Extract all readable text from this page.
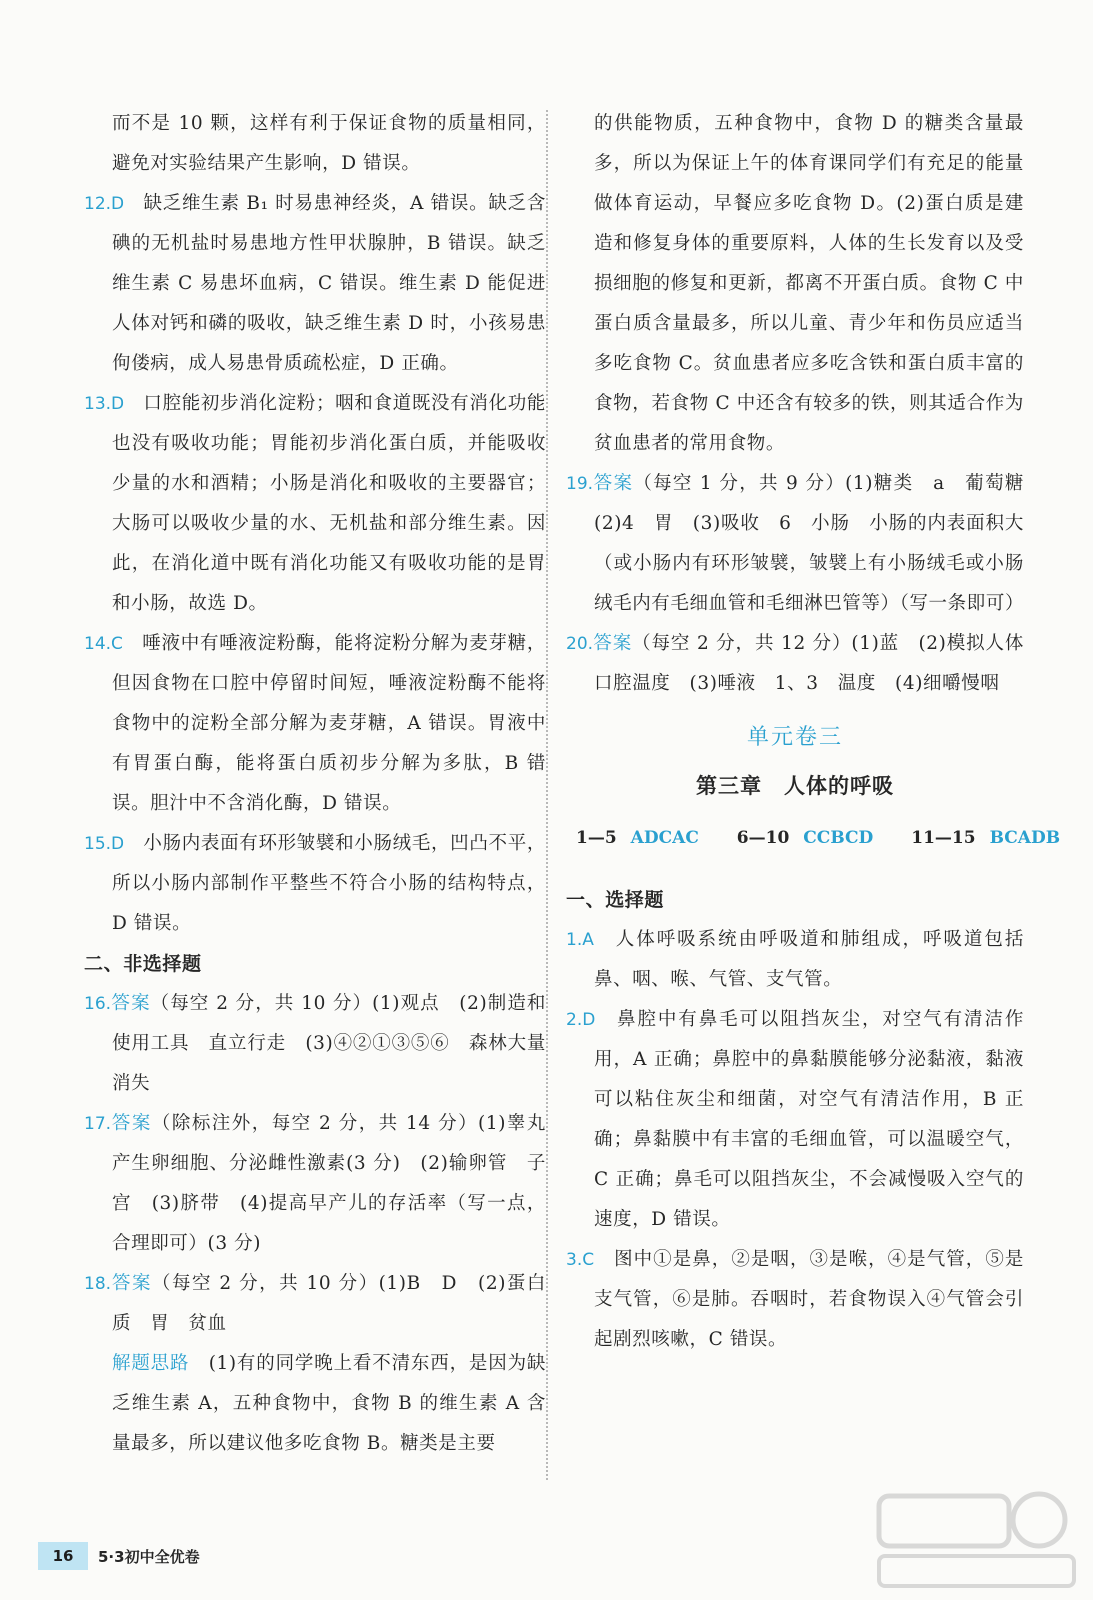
而不是 10 颗，这样有利于保证食物的质量相同，避免对实验结果产生影响，D 错误。

12.D　 缺乏维生素 B₁ 时易患神经炎，A 错误。缺乏含碘的无机盐时易患地方性甲状腺肿，B 错误。缺乏维生素 C 易患坏血病，C 错误。维生素 D 能促进人体对钙和磷的吸收，缺乏维生素 D 时，小孩易患佝偻病，成人易患骨质疏松症，D 正确。

13.D　 口腔能初步消化淀粉；咽和食道既没有消化功能也没有吸收功能；胃能初步消化蛋白质，并能吸收少量的水和酒精；小肠是消化和吸收的主要器官；大肠可以吸收少量的水、无机盐和部分维生素。因此，在消化道中既有消化功能又有吸收功能的是胃和小肠，故选 D。

14.C　 唾液中有唾液淀粉酶，能将淀粉分解为麦芽糖，但因食物在口腔中停留时间短，唾液淀粉酶不能将食物中的淀粉全部分解为麦芽糖，A 错误。胃液中有胃蛋白酶，能将蛋白质初步分解为多肽，B 错误。胆汁中不含消化酶，D 错误。

15.D　 小肠内表面有环形皱襞和小肠绒毛，凹凸不平，所以小肠内部制作平整些不符合小肠的结构特点，D 错误。

二、非选择题

16.答案（每空 2 分，共 10 分）(1)观点　(2)制造和使用工具　直立行走　(3)④②①③⑤⑥　森林大量消失

17.答案（除标注外，每空 2 分，共 14 分）(1)睾丸　产生卵细胞、分泌雌性激素(3 分)　(2)输卵管　子宫　(3)脐带　(4)提高早产儿的存活率（写一点，合理即可）(3 分)

18.答案（每空 2 分，共 10 分）(1)B　D　(2)蛋白质　胃　贫血

解题思路　 (1)有的同学晚上看不清东西，是因为缺乏维生素 A，五种食物中，食物 B 的维生素 A 含量最多，所以建议他多吃食物 B。糖类是主要

的供能物质，五种食物中，食物 D 的糖类含量最多，所以为保证上午的体育课同学们有充足的能量做体育运动，早餐应多吃食物 D。(2)蛋白质是建造和修复身体的重要原料，人体的生长发育以及受损细胞的修复和更新，都离不开蛋白质。食物 C 中蛋白质含量最多，所以儿童、青少年和伤员应适当多吃食物 C。贫血患者应多吃含铁和蛋白质丰富的食物，若食物 C 中还含有较多的铁，则其适合作为贫血患者的常用食物。

19.答案（每空 1 分，共 9 分）(1)糖类　a　葡萄糖　(2)4　胃　(3)吸收　6　小肠　小肠的内表面积大（或小肠内有环形皱襞，皱襞上有小肠绒毛或小肠绒毛内有毛细血管和毛细淋巴管等）（写一条即可）

20.答案（每空 2 分，共 12 分）(1)蓝　(2)模拟人体口腔温度　(3)唾液　1、3　温度　(4)细嚼慢咽

单元卷三
第三章　人体的呼吸
1—5 ADCAC 6—10 CCBCD 11—15 BCADB

一、选择题

1.A　 人体呼吸系统由呼吸道和肺组成，呼吸道包括鼻、咽、喉、气管、支气管。

2.D　 鼻腔中有鼻毛可以阻挡灰尘，对空气有清洁作用，A 正确；鼻腔中的鼻黏膜能够分泌黏液，黏液可以粘住灰尘和细菌，对空气有清洁作用，B 正确；鼻黏膜中有丰富的毛细血管，可以温暖空气，C 正确；鼻毛可以阻挡灰尘，不会减慢吸入空气的速度，D 错误。

3.C　 图中①是鼻，②是咽，③是喉，④是气管，⑤是支气管，⑥是肺。吞咽时，若食物误入④气管会引起剧烈咳嗽，C 错误。

16	5·3初中全优卷
